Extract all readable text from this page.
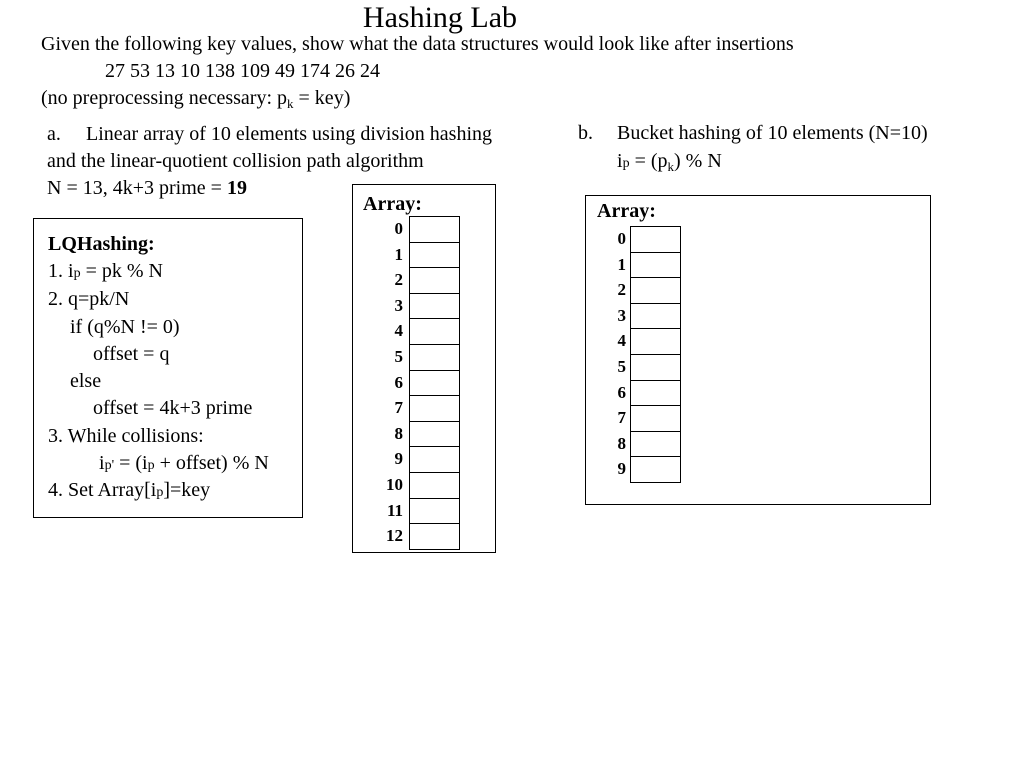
Hashing Lab
Given the following key values, show what the data structures would look like after insertions
27 53 13 10 138 109 49 174 26 24
(no preprocessing necessary: $p_k = key$)
a. Linear array of 10 elements using division hashing
and the linear-quotient collision path algorithm
N = 13, 4k+3 prime = 19
b. Bucket hashing of 10 elements (N=10)
ip = $(p_k)$ % N
LQHashing:
1. ip = pk % N
2. q=pk/N
if (q%N != 0)
offset = q
else
offset = 4k+3 prime
3. While collisions:
ip' = (ip + offset) % N
4. Set Array[ip]=key
Array:
0
1
2
3
4
5
6
7
8
9
10
11
12
Array:
0
1
2
3
4
5
6
7
8
9
